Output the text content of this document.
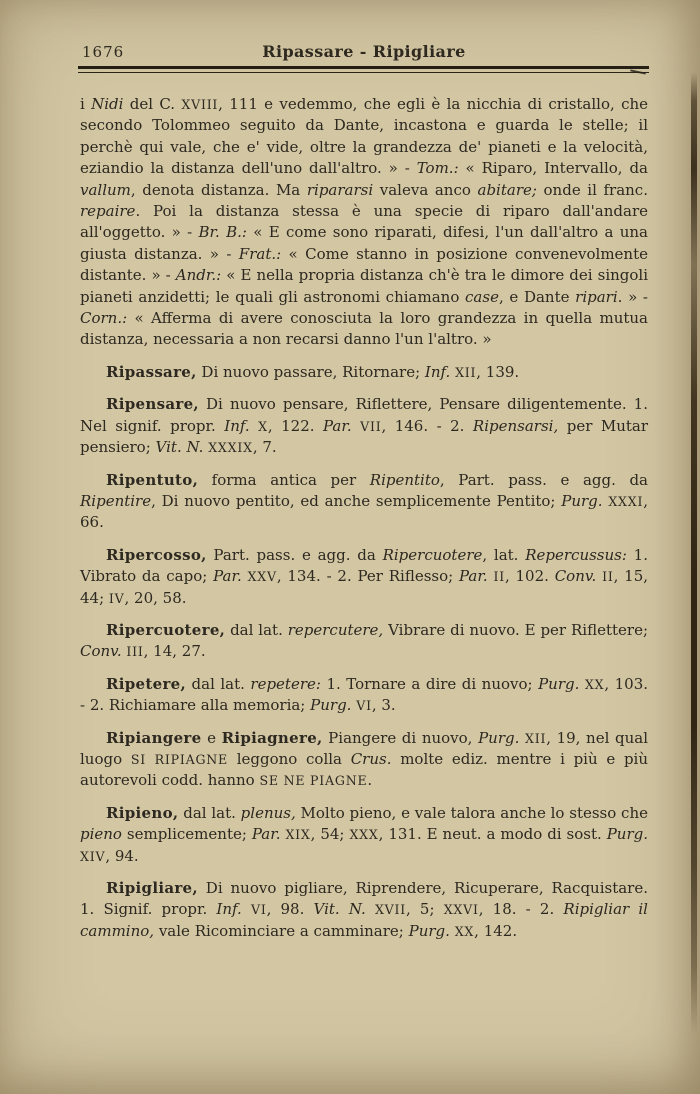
1676	Ripassare - Ripigliare

i Nidi del C. XVIII, 111 e vedemmo, che egli è la nicchia di cristallo, che secondo Tolommeo seguito da Dante, incastona e guarda le stelle; il perchè qui vale, che e' vide, oltre la grandezza de' pianeti e la velocità, eziandio la distanza dell'uno dall'altro. » - Tom.: « Riparo, Intervallo, da vallum, denota distanza. Ma ripararsi valeva anco abitare; onde il franc. repaire. Poi la distanza stessa è una specie di riparo dall'andare all'oggetto. » - Br. B.: « E come sono riparati, difesi, l'un dall'altro a una giusta distanza. » - Frat.: « Come stanno in posizione convenevolmente distante. » - Andr.: « E nella propria distanza ch'è tra le dimore dei singoli pianeti anzidetti; le quali gli astronomi chiamano case, e Dante ripari. » - Corn.: « Afferma di avere conosciuta la loro grandezza in quella mutua distanza, necessaria a non recarsi danno l'un l'altro. »

Ripassare, Di nuovo passare, Ritornare; Inf. XII, 139.

Ripensare, Di nuovo pensare, Riflettere, Pensare diligentemente. 1. Nel signif. propr. Inf. X, 122. Par. VII, 146. - 2. Ripensarsi, per Mutar pensiero; Vit. N. XXXIX, 7.

Ripentuto, forma antica per Ripentito, Part. pass. e agg. da Ripentire, Di nuovo pentito, ed anche semplicemente Pentito; Purg. XXXI, 66.

Ripercosso, Part. pass. e agg. da Ripercuotere, lat. Repercussus: 1. Vibrato da capo; Par. XXV, 134. - 2. Per Riflesso; Par. II, 102. Conv. II, 15, 44; IV, 20, 58.

Ripercuotere, dal lat. repercutere, Vibrare di nuovo. E per Riflettere; Conv. III, 14, 27.

Ripetere, dal lat. repetere: 1. Tornare a dire di nuovo; Purg. XX, 103. - 2. Richiamare alla memoria; Purg. VI, 3.

Ripiangere e Ripiagnere, Piangere di nuovo, Purg. XII, 19, nel qual luogo SI RIPIAGNE leggono colla Crus. molte ediz. mentre i più e più autorevoli codd. hanno SE NE PIAGNE.

Ripieno, dal lat. plenus, Molto pieno, e vale talora anche lo stesso che pieno semplicemente; Par. XIX, 54; XXX, 131. E neut. a modo di sost. Purg. XIV, 94.

Ripigliare, Di nuovo pigliare, Riprendere, Ricuperare, Racquistare. 1. Signif. propr. Inf. VI, 98. Vit. N. XVII, 5; XXVI, 18. - 2. Ripigliar il cammino, vale Ricominciare a camminare; Purg. XX, 142.
